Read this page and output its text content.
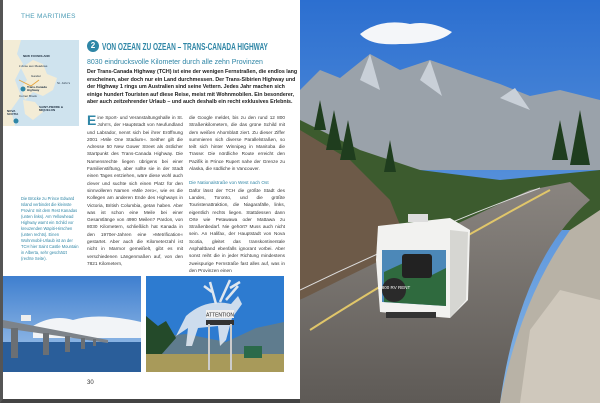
THE MARITIMES
NEW FOUNDLAND
L'Anse aux Meadows
Gander
St. John's
Trans-Canada Highway
Corner Brook
SAINT-PIERRE & MIQUELON
NOVA SCOTIA
2 VON OZEAN ZU OZEAN – TRANS-CANADA HIGHWAY
8030 eindrucksvolle Kilometer durch alle zehn Provinzen
Der Trans-Canada Highway (TCH) ist eine der wenigen Fernstraßen, die endlos lang erscheinen, aber doch nur ein Land durchmessen. Der Trans-Sibirien Highway und der Highway 1 rings um Australien sind seine Vettern. Jedes Jahr machen sich einige hundert Touristen auf diese Reise, meist mit Wohnmobilen. Ein besonderer, aber auch zeitzehrender Urlaub – und auch deshalb ein recht exklusives Erlebnis.
Eine Sport- und Veranstaltungshalle in St. John's, der Hauptstadt von Neufundland und Labrador, nennt sich bei ihrer Eröffnung 2001 »Mile One Stadium«. Seither gilt die Adresse 50 New Gower Street als östlicher Startpunkt des Trans-Canada Highway. Die Namensrechte liegen übrigens bei einer Familienstiftung, aber sollte sie in der Stadt einen Tages entziehen, wäre diese wohl auch clever und suchte sich einen Platz für den sinnvolleren Namen »Mile zero«, wie es die Kollegen am anderen Ende des Highways in Victoria, British Columbia, getan haben. Aber was ist schon eine Meile bei einer Gesamtlänge von 4990 Meilen? Pardon, von 8030 Kilometern, schließlich hat Kanada in den 1970er-Jahren eine »Metrification« gestartet. Aber auch die Kilometerzahl ist nicht in Marmor gemeißelt, gibt es mit verschiedenen Längenmaßen auf, von den 7821 Kilometern,
die Google meldet, bis zu den rund 12 800 Straßenkilometern, die das grüne Schild mit dem weißen Ahornblatt ziert. Zu dieser Ziffer summieren sich diverse Parallelstraßen, so teilt sich hinter Winnipeg in Manitoba die Trasse: Die nördliche Route erreicht den Pazifik in Prince Rupert nahe der Grenze zu Alaska, die südliche in Vancouver.
Die Nationalstraße von West nach Ost
Dafür lässt der TCH die größte Stadt des Landes, Toronto, und die größte Touristenattraktion, die Niagarafälle, links, eigentlich rechts liegen. Stattdessen dann Orte wie Petawawa oder Mattawa zu Straßenbedarf. Nie gehört? Muss auch nicht sein. An Halifax, der Hauptstadt von Nova Scotia, gleitet das transkontinentale Asphaltband ebenfalls ignorant vorbei. Aber sonst reiht die in jeder Richtung mindestens zweispurige Fernstraße fast alles auf, was in den Provinzen einen
Die Brücke zu Prince Edward Island verbindet die kleinste Provinz mit dem Rest Kanadas (unten links). Am Yellowhead Highway warnt ein Schild vor kreuzenden Wapiti-Hirschen (unten rechts). Einen Wohnmobil-Urlaub ist an der TCH hier Saint Castle Mountain in Alberta, sehr geschätzt (rechte Seite).
ATTENTION
30
1-800 RV RENT
